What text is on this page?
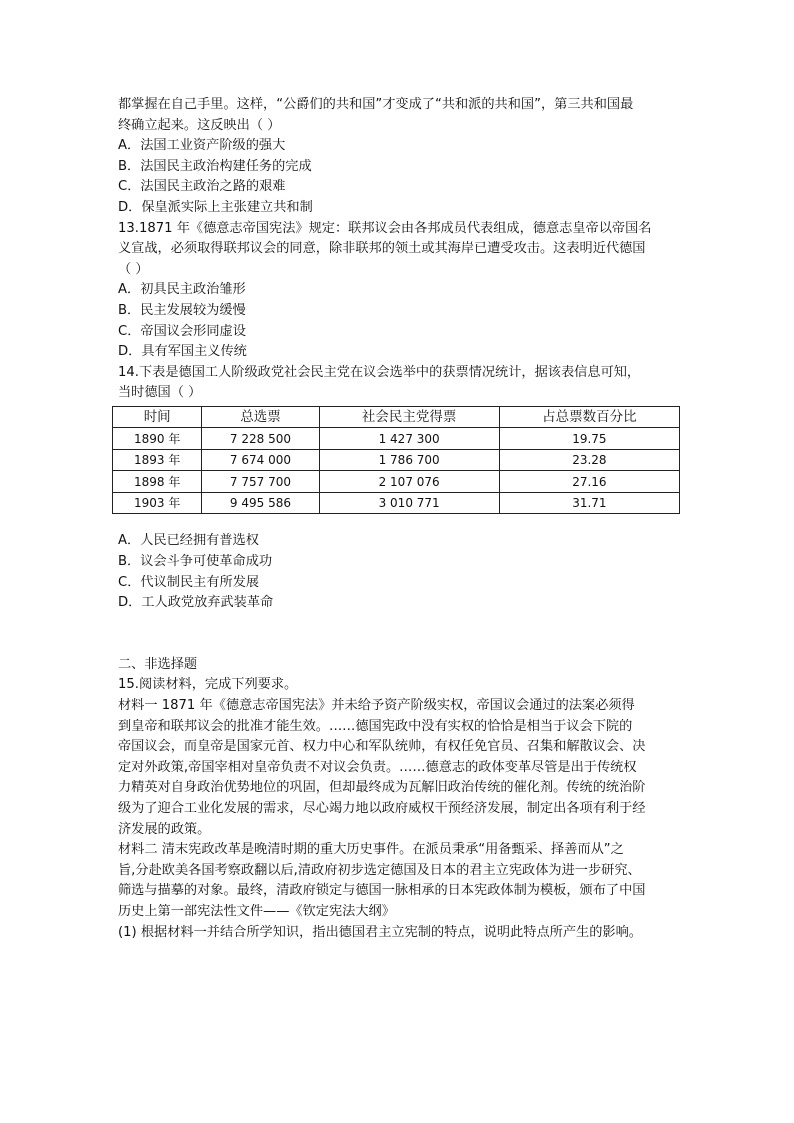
都掌握在自己手里。这样，“公爵们的共和国”才变成了“共和派的共和国”，第三共和国最
终确立起来。这反映出（ ）
A．法国工业资产阶级的强大
B．法国民主政治构建任务的完成
C．法国民主政治之路的艰难
D．保皇派实际上主张建立共和制
13.1871 年《德意志帝国宪法》规定：联邦议会由各邦成员代表组成，德意志皇帝以帝国名
义宣战，必须取得联邦议会的同意，除非联邦的领土或其海岸已遭受攻击。这表明近代德国
（ ）
A．初具民主政治雏形
B．民主发展较为缓慢
C．帝国议会形同虚设
D．具有军国主义传统
14.下表是德国工人阶级政党社会民主党在议会选举中的获票情况统计，据该表信息可知，
当时德国（ ）
时间	总选票	社会民主党得票	占总票数百分比
1890 年	7 228 500	1 427 300	19.75
1893 年	7 674 000	1 786 700	23.28
1898 年	7 757 700	2 107 076	27.16
1903 年	9 495 586	3 010 771	31.71
A．人民已经拥有普选权
B．议会斗争可使革命成功
C．代议制民主有所发展
D．工人政党放弃武装革命
二、非选择题
15.阅读材料，完成下列要求。
材料一 1871 年《德意志帝国宪法》并未给予资产阶级实权，帝国议会通过的法案必须得
到皇帝和联邦议会的批准才能生效。……德国宪政中没有实权的恰恰是相当于议会下院的
帝国议会，而皇帝是国家元首、权力中心和军队统帅，有权任免官员、召集和解散议会、决
定对外政策,帝国宰相对皇帝负责不对议会负责。……德意志的政体变革尽管是出于传统权
力精英对自身政治优势地位的巩固，但却最终成为瓦解旧政治传统的催化剂。传统的统治阶
级为了迎合工业化发展的需求，尽心竭力地以政府威权干预经济发展，制定出各项有利于经
济发展的政策。
材料二 清末宪政改革是晚清时期的重大历史事件。在派员秉承“用备甄采、择善而从”之
旨,分赴欧美各国考察政翻以后,清政府初步选定德国及日本的君主立宪政体为进一步研究、
筛选与描摹的对象。最终，清政府锁定与德国一脉相承的日本宪政体制为模板，颁布了中国
历史上第一部宪法性文件——《钦定宪法大纲》
(1) 根据材料一并结合所学知识，指出德国君主立宪制的特点，说明此特点所产生的影响。
